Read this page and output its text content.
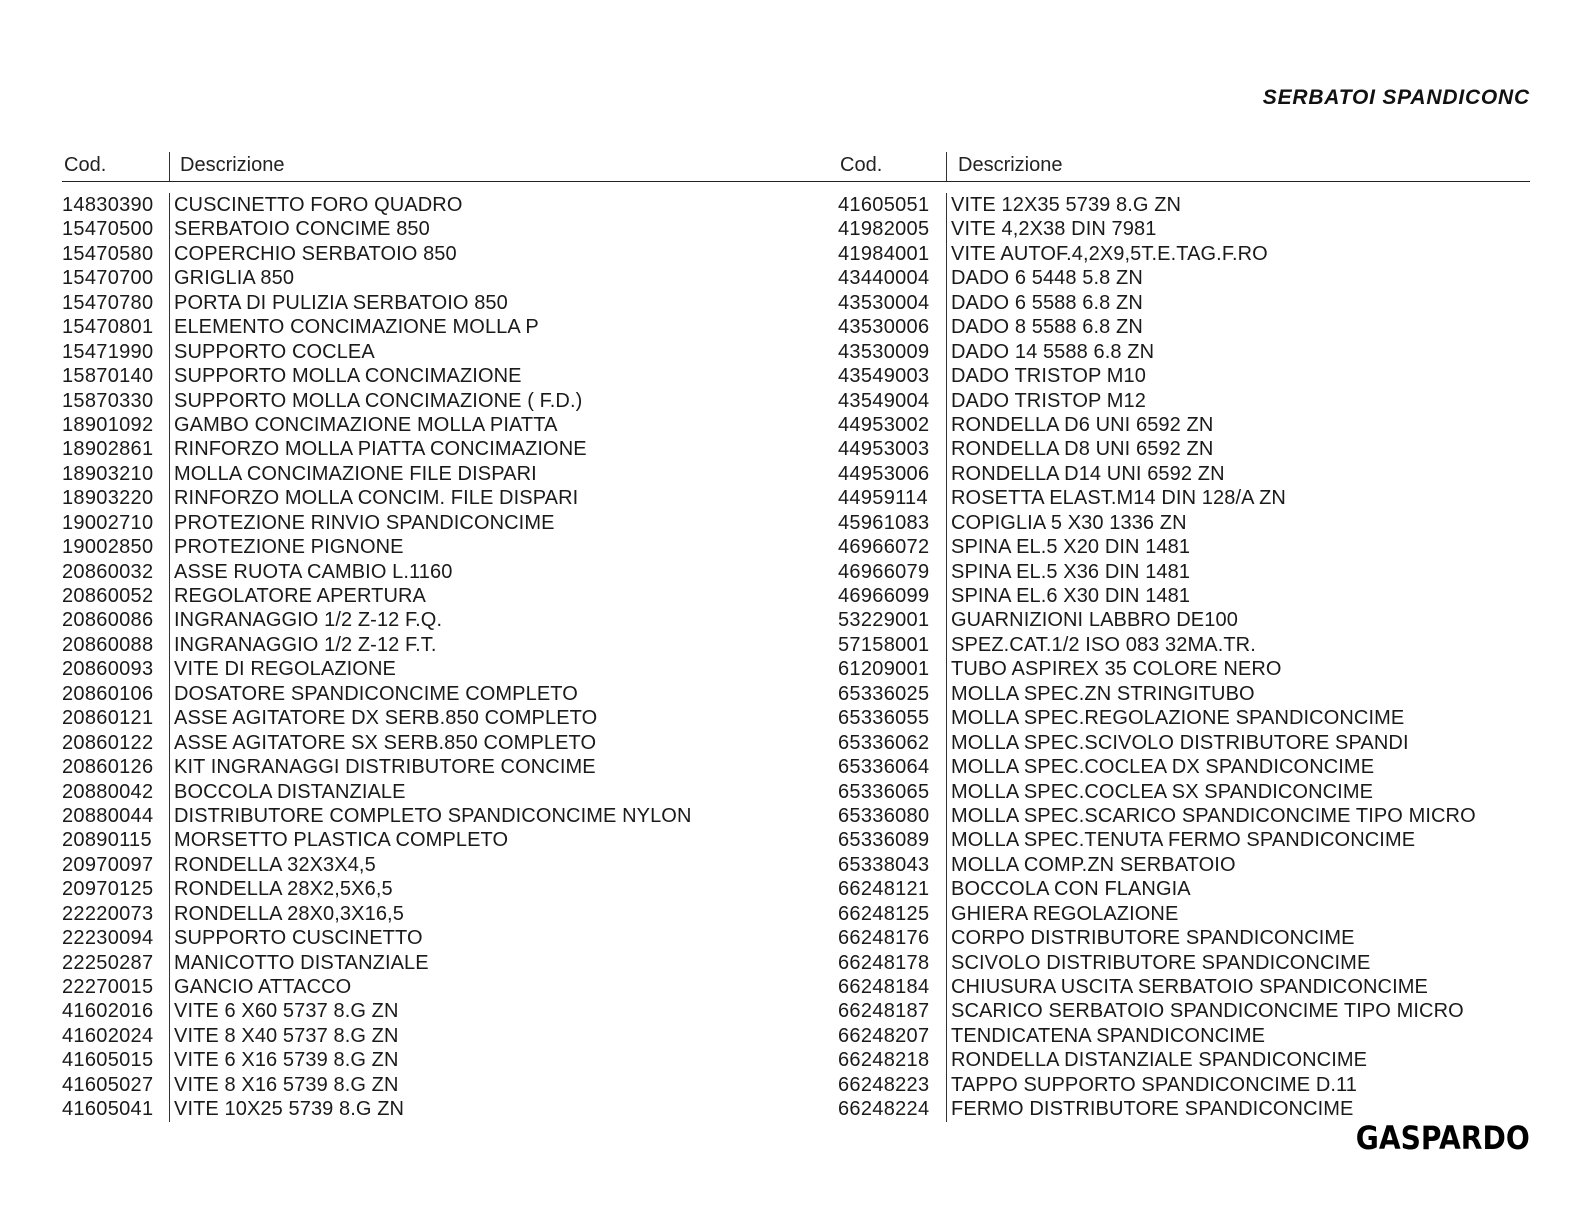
SERBATOI SPANDICONC
Cod.	Descrizione
14830390	CUSCINETTO FORO QUADRO
15470500	SERBATOIO CONCIME 850
15470580	COPERCHIO SERBATOIO 850
15470700	GRIGLIA 850
15470780	PORTA DI PULIZIA SERBATOIO 850
15470801	ELEMENTO CONCIMAZIONE MOLLA P
15471990	SUPPORTO COCLEA
15870140	SUPPORTO MOLLA CONCIMAZIONE
15870330	SUPPORTO MOLLA CONCIMAZIONE ( F.D.)
18901092	GAMBO CONCIMAZIONE MOLLA PIATTA
18902861	RINFORZO MOLLA PIATTA CONCIMAZIONE
18903210	MOLLA CONCIMAZIONE FILE DISPARI
18903220	RINFORZO MOLLA CONCIM. FILE DISPARI
19002710	PROTEZIONE RINVIO SPANDICONCIME
19002850	PROTEZIONE PIGNONE
20860032	ASSE RUOTA CAMBIO L.1160
20860052	REGOLATORE APERTURA
20860086	INGRANAGGIO 1/2 Z-12 F.Q.
20860088	INGRANAGGIO 1/2 Z-12 F.T.
20860093	VITE DI REGOLAZIONE
20860106	DOSATORE SPANDICONCIME COMPLETO
20860121	ASSE AGITATORE DX SERB.850 COMPLETO
20860122	ASSE AGITATORE SX SERB.850 COMPLETO
20860126	KIT INGRANAGGI DISTRIBUTORE CONCIME
20880042	BOCCOLA DISTANZIALE
20880044	DISTRIBUTORE COMPLETO SPANDICONCIME NYLON
20890115	MORSETTO PLASTICA COMPLETO
20970097	RONDELLA 32X3X4,5
20970125	RONDELLA 28X2,5X6,5
22220073	RONDELLA 28X0,3X16,5
22230094	SUPPORTO CUSCINETTO
22250287	MANICOTTO DISTANZIALE
22270015	GANCIO ATTACCO
41602016	VITE 6 X60 5737 8.G ZN
41602024	VITE 8 X40 5737 8.G ZN
41605015	VITE 6 X16 5739 8.G ZN
41605027	VITE 8 X16 5739 8.G ZN
41605041	VITE 10X25 5739 8.G ZN
Cod.	Descrizione
41605051	VITE 12X35 5739 8.G ZN
41982005	VITE 4,2X38 DIN 7981
41984001	VITE AUTOF.4,2X9,5T.E.TAG.F.RO
43440004	DADO 6 5448 5.8 ZN
43530004	DADO 6 5588 6.8 ZN
43530006	DADO 8 5588 6.8 ZN
43530009	DADO 14 5588 6.8 ZN
43549003	DADO TRISTOP M10
43549004	DADO TRISTOP M12
44953002	RONDELLA D6 UNI 6592 ZN
44953003	RONDELLA D8 UNI 6592 ZN
44953006	RONDELLA D14 UNI 6592 ZN
44959114	ROSETTA ELAST.M14 DIN 128/A ZN
45961083	COPIGLIA 5 X30 1336 ZN
46966072	SPINA EL.5 X20 DIN 1481
46966079	SPINA EL.5 X36 DIN 1481
46966099	SPINA EL.6 X30 DIN 1481
53229001	GUARNIZIONI LABBRO DE100
57158001	SPEZ.CAT.1/2 ISO 083 32MA.TR.
61209001	TUBO ASPIREX 35 COLORE NERO
65336025	MOLLA SPEC.ZN STRINGITUBO
65336055	MOLLA SPEC.REGOLAZIONE SPANDICONCIME
65336062	MOLLA SPEC.SCIVOLO DISTRIBUTORE SPANDI
65336064	MOLLA SPEC.COCLEA DX SPANDICONCIME
65336065	MOLLA SPEC.COCLEA SX SPANDICONCIME
65336080	MOLLA SPEC.SCARICO SPANDICONCIME TIPO MICRO
65336089	MOLLA SPEC.TENUTA FERMO SPANDICONCIME
65338043	MOLLA COMP.ZN SERBATOIO
66248121	BOCCOLA CON FLANGIA
66248125	GHIERA REGOLAZIONE
66248176	CORPO DISTRIBUTORE SPANDICONCIME
66248178	SCIVOLO DISTRIBUTORE SPANDICONCIME
66248184	CHIUSURA USCITA SERBATOIO SPANDICONCIME
66248187	SCARICO SERBATOIO SPANDICONCIME TIPO MICRO
66248207	TENDICATENA SPANDICONCIME
66248218	RONDELLA DISTANZIALE SPANDICONCIME
66248223	TAPPO SUPPORTO SPANDICONCIME D.11
66248224	FERMO DISTRIBUTORE SPANDICONCIME
GASPARDO
